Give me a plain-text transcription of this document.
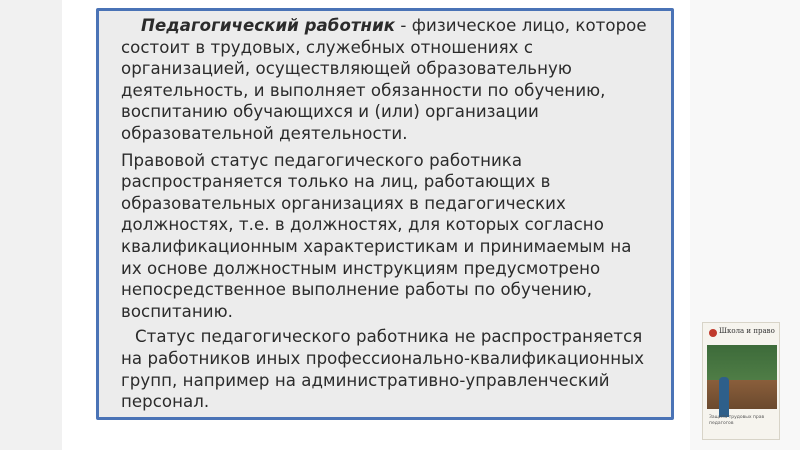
Педагогический работник - физическое лицо, которое состоит в трудовых, служебных отношениях с организацией, осуществляющей образовательную деятельность, и выполняет обязанности по обучению, воспитанию обучающихся и (или) организации образовательной деятельности.

Правовой статус педагогического работника распространяется только на лиц, работающих в образовательных организациях в педагогических должностях, т.е. в должностях, для которых согласно квалификационным характеристикам и принимаемым на их основе должностным инструкциям предусмотрено непосредственное выполнение работы по обучению, воспитанию.

Статус педагогического работника не распространяется на работников иных профессионально-квалификационных групп, например на административно-управленческий персонал.

Школа и право
Защита трудовых прав педагогов
